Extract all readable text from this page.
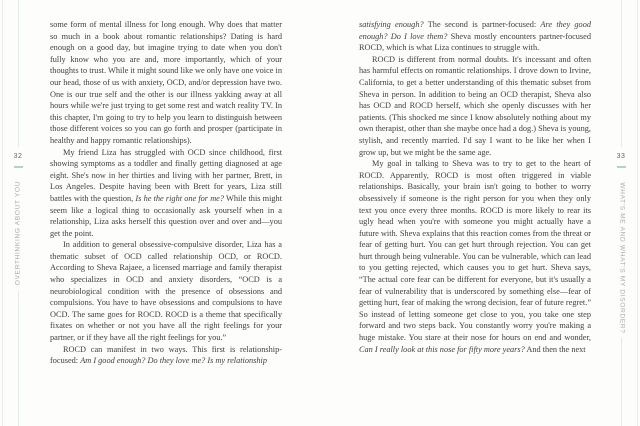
32
OVERTHINKING ABOUT YOU

some form of mental illness for long enough. Why does that matter so much in a book about romantic relationships? Dating is hard enough on a good day, but imagine trying to date when you don't fully know who you are and, more importantly, which of your thoughts to trust. While it might sound like we only have one voice in our head, those of us with anxiety, OCD, and/or depression have two. One is our true self and the other is our illness yakking away at all hours while we're just trying to get some rest and watch reality TV. In this chapter, I'm going to try to help you learn to distinguish between those different voices so you can go forth and prosper (participate in healthy and happy romantic relationships).

My friend Liza has struggled with OCD since childhood, first showing symptoms as a toddler and finally getting diagnosed at age eight. She's now in her thirties and living with her partner, Brett, in Los Angeles. Despite having been with Brett for years, Liza still battles with the question, Is he the right one for me? While this might seem like a logical thing to occasionally ask yourself when in a relationship, Liza asks herself this question over and over and—you get the point.

In addition to general obsessive-compulsive disorder, Liza has a thematic subset of OCD called relationship OCD, or ROCD. According to Sheva Rajaee, a licensed marriage and family therapist who specializes in OCD and anxiety disorders, “OCD is a neurobiological condition with the presence of obsessions and compulsions. You have to have obsessions and compulsions to have OCD. The same goes for ROCD. ROCD is a theme that specifically fixates on whether or not you have all the right feelings for your partner, or if they have all the right feelings for you.”

ROCD can manifest in two ways. This first is relationship-focused: Am I good enough? Do they love me? Is my relationship

33
WHAT'S ME AND WHAT'S MY DISORDER?

satisfying enough? The second is partner-focused: Are they good enough? Do I love them? Sheva mostly encounters partner-focused ROCD, which is what Liza continues to struggle with.

ROCD is different from normal doubts. It's incessant and often has harmful effects on romantic relationships. I drove down to Irvine, California, to get a better understanding of this thematic subset from Sheva in person. In addition to being an OCD therapist, Sheva also has OCD and ROCD herself, which she openly discusses with her patients. (This shocked me since I know absolutely nothing about my own therapist, other than she maybe once had a dog.) Sheva is young, stylish, and recently married. I'd say I want to be like her when I grow up, but we might be the same age.

My goal in talking to Sheva was to try to get to the heart of ROCD. Apparently, ROCD is most often triggered in viable relationships. Basically, your brain isn't going to bother to worry obsessively if someone is the right person for you when they only text you once every three months. ROCD is more likely to rear its ugly head when you're with someone you might actually have a future with. Sheva explains that this reaction comes from the threat or fear of getting hurt. You can get hurt through rejection. You can get hurt through being vulnerable. You can be vulnerable, which can lead to you getting rejected, which causes you to get hurt. Sheva says, “The actual core fear can be different for everyone, but it's usually a fear of vulnerability that is underscored by something else—fear of getting hurt, fear of making the wrong decision, fear of future regret.” So instead of letting someone get close to you, you take one step forward and two steps back. You constantly worry you're making a huge mistake. You stare at their nose for hours on end and wonder, Can I really look at this nose for fifty more years? And then the next
